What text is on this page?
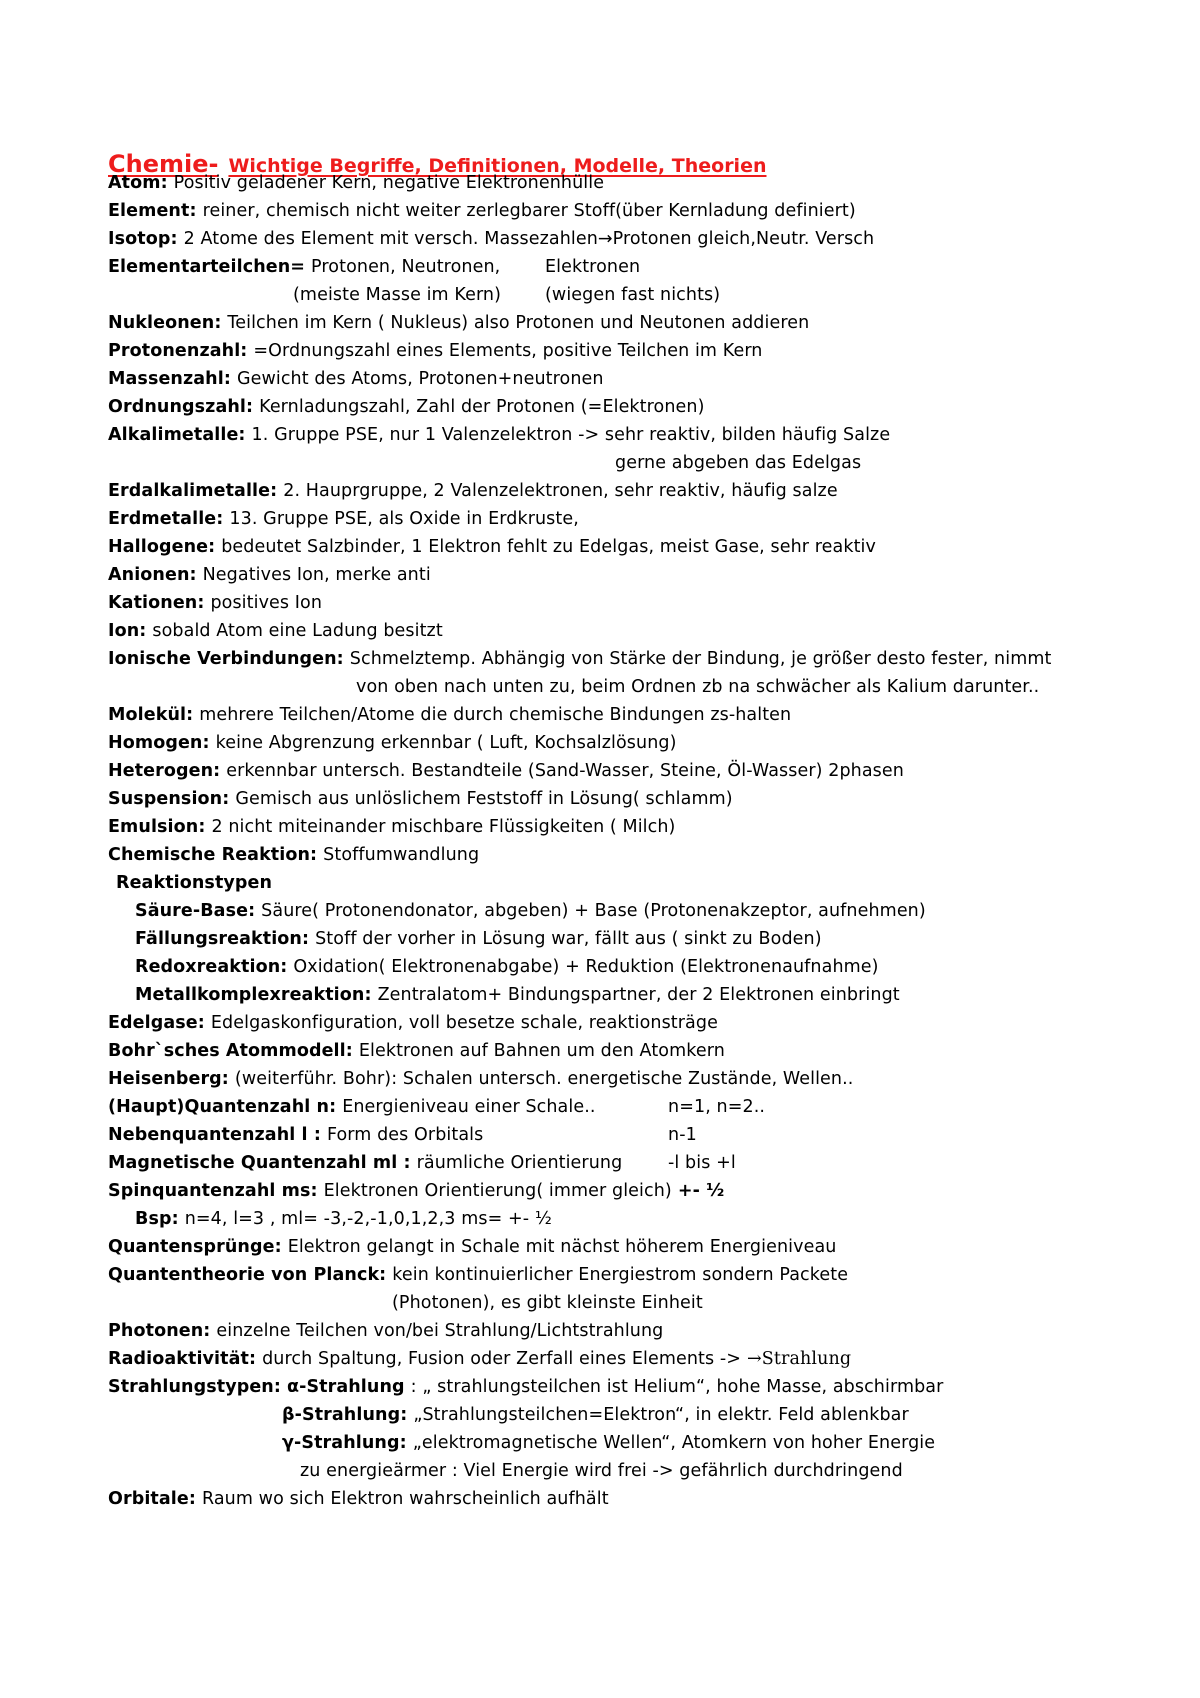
Chemie- Wichtige Begriffe, Definitionen, Modelle, Theorien
Atom: Positiv geladener Kern, negative Elektronenhülle
Element: reiner, chemisch nicht weiter zerlegbarer Stoff(über Kernladung definiert)
Isotop: 2 Atome des Element mit versch. Massezahlen→Protonen gleich,Neutr. Versch
Elementarteilchen= Protonen, Neutronen,	Elektronen
(meiste Masse im Kern)	(wiegen fast nichts)
Nukleonen: Teilchen im Kern ( Nukleus) also Protonen und Neutonen addieren
Protonenzahl: =Ordnungszahl eines Elements, positive Teilchen im Kern
Massenzahl: Gewicht des Atoms, Protonen+neutronen
Ordnungszahl: Kernladungszahl, Zahl der Protonen (=Elektronen)
Alkalimetalle: 1. Gruppe PSE, nur 1 Valenzelektron -> sehr reaktiv, bilden häufig Salze
gerne abgeben das Edelgas
Erdalkalimetalle: 2. Hauprgruppe, 2 Valenzelektronen, sehr reaktiv, häufig salze
Erdmetalle: 13. Gruppe PSE, als Oxide in Erdkruste,
Hallogene: bedeutet Salzbinder, 1 Elektron fehlt zu Edelgas, meist Gase, sehr reaktiv
Anionen: Negatives Ion, merke anti
Kationen: positives Ion
Ion: sobald Atom eine Ladung besitzt
Ionische Verbindungen: Schmelztemp. Abhängig von Stärke der Bindung, je größer desto fester, nimmt
von oben nach unten zu, beim Ordnen zb na schwächer als Kalium darunter..
Molekül: mehrere Teilchen/Atome die durch chemische Bindungen zs-halten
Homogen: keine Abgrenzung erkennbar ( Luft, Kochsalzlösung)
Heterogen: erkennbar untersch. Bestandteile (Sand-Wasser, Steine, Öl-Wasser) 2phasen
Suspension: Gemisch aus unlöslichem Feststoff in Lösung( schlamm)
Emulsion: 2 nicht miteinander mischbare Flüssigkeiten ( Milch)
Chemische Reaktion: Stoffumwandlung
Reaktionstypen
Säure-Base: Säure( Protonendonator, abgeben) + Base (Protonenakzeptor, aufnehmen)
Fällungsreaktion: Stoff der vorher in Lösung war, fällt aus ( sinkt zu Boden)
Redoxreaktion: Oxidation( Elektronenabgabe) + Reduktion (Elektronenaufnahme)
Metallkomplexreaktion: Zentralatom+ Bindungspartner, der 2 Elektronen einbringt
Edelgase: Edelgaskonfiguration, voll besetze schale, reaktionsträge
Bohr`sches Atommodell: Elektronen auf Bahnen um den Atomkern
Heisenberg: (weiterführ. Bohr): Schalen untersch. energetische Zustände, Wellen..
(Haupt)Quantenzahl n: Energieniveau einer Schale..	n=1, n=2..
Nebenquantenzahl l : Form des Orbitals	n-1
Magnetische Quantenzahl ml : räumliche Orientierung	-l bis +l
Spinquantenzahl ms: Elektronen Orientierung( immer gleich) +- ½
Bsp: n=4, l=3 , ml= -3,-2,-1,0,1,2,3 ms= +- ½
Quantensprünge: Elektron gelangt in Schale mit nächst höherem Energieniveau
Quantentheorie von Planck: kein kontinuierlicher Energiestrom sondern Packete
(Photonen), es gibt kleinste Einheit
Photonen: einzelne Teilchen von/bei Strahlung/Lichtstrahlung
Radioaktivität: durch Spaltung, Fusion oder Zerfall eines Elements -> →Strahlung
Strahlungstypen: α-Strahlung : „ strahlungsteilchen ist Helium“, hohe Masse, abschirmbar
β-Strahlung: „Strahlungsteilchen=Elektron“, in elektr. Feld ablenkbar
γ-Strahlung: „elektromagnetische Wellen“, Atomkern von hoher Energie
zu energieärmer : Viel Energie wird frei -> gefährlich durchdringend
Orbitale: Raum wo sich Elektron wahrscheinlich aufhält
